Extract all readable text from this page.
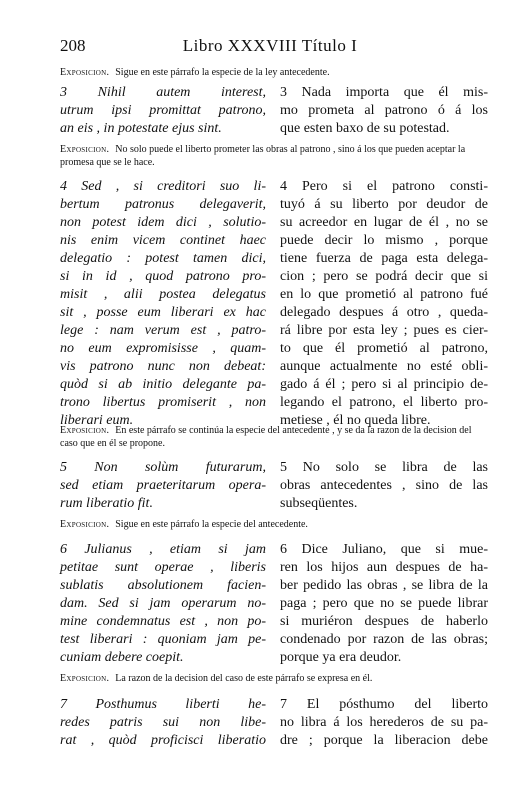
208	Libro XXXVIII Título I
Exposicion. Sigue en este párrafo la especie de la ley antecedente.
3 Nihil autem interest,
utrum ipsi promittat patrono,
an eis , in potestate ejus sint.
3 Nada importa que él mis-
mo prometa al patrono ó á los
que esten baxo de su potestad.
Exposicion. No solo puede el liberto prometer las obras al patrono , sino á los que pueden aceptar la promesa que se le hace.
4 Sed , si creditori suo li-
bertum patronus delegaverit,
non potest idem dici , solutio-
nis enim vicem continet haec
delegatio : potest tamen dici,
si in id , quod patrono pro-
misit , alii postea delegatus
sit , posse eum liberari ex hac
lege : nam verum est , patro-
no eum expromisisse , quam-
vis patrono nunc non debeat:
quòd si ab initio delegante pa-
trono libertus promiserit , non
liberari eum.
4 Pero si el patrono consti-
tuyó á su liberto por deudor de
su acreedor en lugar de él , no se
puede decir lo mismo , porque
tiene fuerza de paga esta delega-
cion ; pero se podrá decir que si
en lo que prometió al patrono fué
delegado despues á otro , queda-
rá libre por esta ley ; pues es cier-
to que él prometió al patrono,
aunque actualmente no esté obli-
gado á él ; pero si al principio de-
legando el patrono, el liberto pro-
metiese , él no queda libre.
Exposicion. En este párrafo se continúa la especie del antecedente , y se da la razon de la decision del caso que en él se propone.
5 Non solùm futurarum,
sed etiam praeteritarum opera-
rum liberatio fit.
5 No solo se libra de las
obras antecedentes , sino de las
subseqüentes.
Exposicion. Sigue en este párrafo la especie del antecedente.
6 Julianus , etiam si jam
petitae sunt operae , liberis
sublatis absolutionem facien-
dam. Sed si jam operarum no-
mine condemnatus est , non po-
test liberari : quoniam jam pe-
cuniam debere coepit.
6 Dice Juliano, que si mue-
ren los hijos aun despues de ha-
ber pedido las obras , se libra de la
paga ; pero que no se puede librar
si muriéron despues de haberlo
condenado por razon de las obras;
porque ya era deudor.
Exposicion. La razon de la decision del caso de este párrafo se expresa en él.
7 Posthumus liberti he-
redes patris sui non libe-
rat , quòd proficisci liberatio
7 El pósthumo del liberto
no libra á los herederos de su pa-
dre ; porque la liberacion debe
